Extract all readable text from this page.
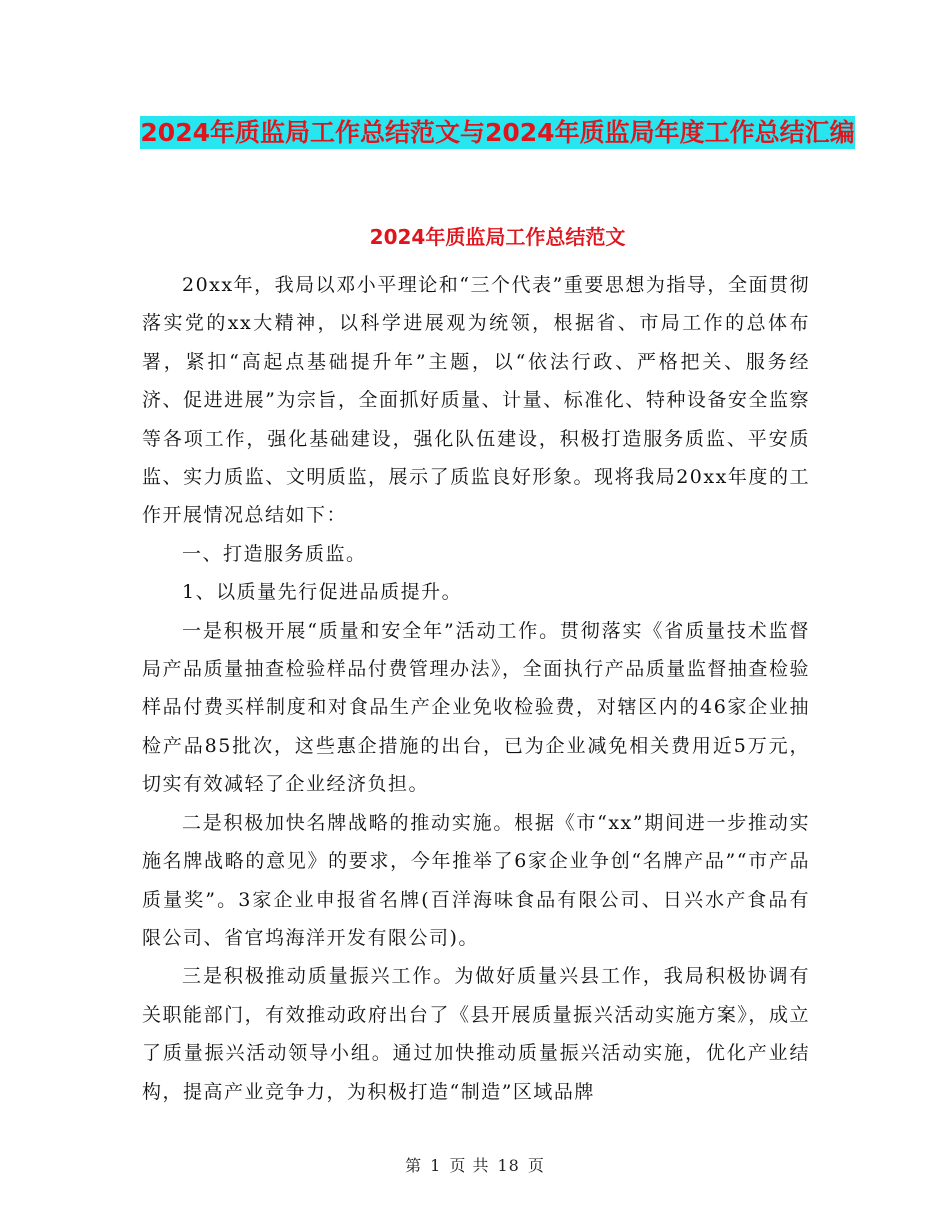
2024年质监局工作总结范文与2024年质监局年度工作总结汇编
2024年质监局工作总结范文

20xx年，我局以邓小平理论和“三个代表”重要思想为指导，全面贯彻落实党的xx大精神，以科学进展观为统领，根据省、市局工作的总体布署，紧扣“高起点基础提升年”主题，以“依法行政、严格把关、服务经济、促进进展”为宗旨，全面抓好质量、计量、标准化、特种设备安全监察等各项工作，强化基础建设，强化队伍建设，积极打造服务质监、平安质监、实力质监、文明质监，展示了质监良好形象。现将我局20xx年度的工作开展情况总结如下：

一、打造服务质监。

1、以质量先行促进品质提升。

一是积极开展“质量和安全年”活动工作。贯彻落实《省质量技术监督局产品质量抽查检验样品付费管理办法》，全面执行产品质量监督抽查检验样品付费买样制度和对食品生产企业免收检验费，对辖区内的46家企业抽检产品85批次，这些惠企措施的出台，已为企业减免相关费用近5万元，切实有效减轻了企业经济负担。

二是积极加快名牌战略的推动实施。根据《市“xx”期间进一步推动实施名牌战略的意见》的要求，今年推举了6家企业争创“名牌产品”“市产品质量奖”。3家企业申报省名牌(百洋海味食品有限公司、日兴水产食品有限公司、省官坞海洋开发有限公司)。

三是积极推动质量振兴工作。为做好质量兴县工作，我局积极协调有关职能部门，有效推动政府出台了《县开展质量振兴活动实施方案》，成立了质量振兴活动领导小组。通过加快推动质量振兴活动实施，优化产业结构，提高产业竞争力，为积极打造“制造”区域品牌

第 1 页 共 18 页
